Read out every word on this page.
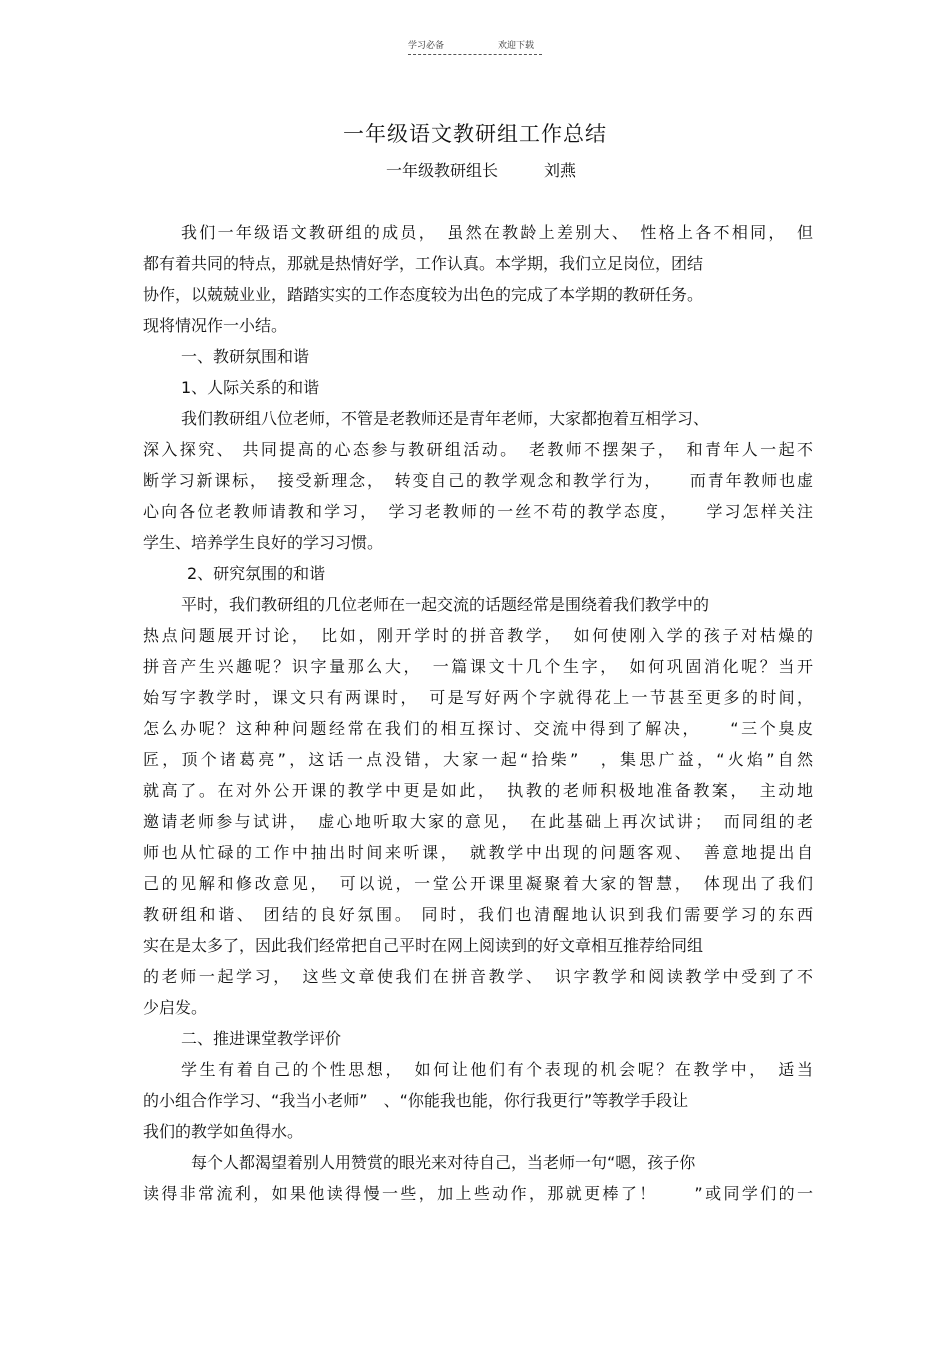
学习必备	欢迎下载
一年级语文教研组工作总结
一年级教研组长	刘燕
我们一年级语文教研组的成员，　虽然在教龄上差别大、　性格上各不相同，　但
都有着共同的特点，那就是热情好学，工作认真。本学期，我们立足岗位，团结
协作，以兢兢业业，踏踏实实的工作态度较为出色的完成了本学期的教研任务。
现将情况作一小结。
一、教研氛围和谐
1、人际关系的和谐
我们教研组八位老师，不管是老教师还是青年老师，大家都抱着互相学习、
深入探究、 共同提高的心态参与教研组活动。　老教师不摆架子，　和青年人一起不
断学习新课标，　接受新理念，　转变自己的教学观念和教学行为，　　而青年教师也虚
心向各位老教师请教和学习，　学习老教师的一丝不苟的教学态度，　　学习怎样关注
学生、培养学生良好的学习习惯。
2、研究氛围的和谐
平时，我们教研组的几位老师在一起交流的话题经常是围绕着我们教学中的
热点问题展开讨论，　比如，刚开学时的拼音教学，　如何使刚入学的孩子对枯燥的
拼音产生兴趣呢？识字量那么大，　一篇课文十几个生字，　如何巩固消化呢？当开
始写字教学时，课文只有两课时，　可是写好两个字就得花上一节甚至更多的时间，
怎么办呢？这种种问题经常在我们的相互探讨、交流中得到了解决，　　“三个臭皮
匠，顶个诸葛亮”，这话一点没错，大家一起“拾柴”　，集思广益，“火焰”自然
就高了。在对外公开课的教学中更是如此，　执教的老师积极地准备教案，　主动地
邀请老师参与试讲，　虚心地听取大家的意见，　在此基础上再次试讲；　而同组的老
师也从忙碌的工作中抽出时间来听课，　就教学中出现的问题客观、　善意地提出自
己的见解和修改意见，　可以说，一堂公开课里凝聚着大家的智慧，　体现出了我们
教研组和谐、 团结的良好氛围。 同时，我们也清醒地认识到我们需要学习的东西
实在是太多了，因此我们经常把自己平时在网上阅读到的好文章相互推荐给同组
的老师一起学习，　这些文章使我们在拼音教学、　识字教学和阅读教学中受到了不
少启发。
二、推进课堂教学评价
学生有着自己的个性思想，　如何让他们有个表现的机会呢？在教学中，　适当
的小组合作学习、“我当小老师”　、“你能我也能，你行我更行”等教学手段让
我们的教学如鱼得水。
每个人都渴望着别人用赞赏的眼光来对待自己，当老师一句“嗯，孩子你
读得非常流利，如果他读得慢一些，加上些动作，那就更棒了！　　”或同学们的一
